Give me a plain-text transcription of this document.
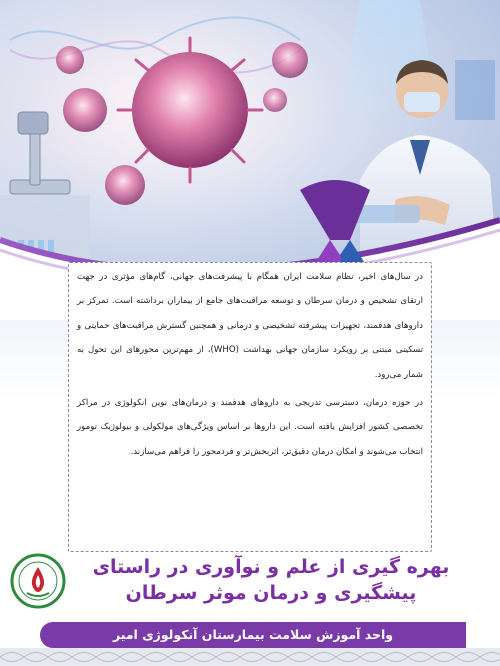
در سال‌های اخیر، نظام سلامت ایران همگام با پیشرفت‌های جهانی، گام‌های مؤثری در جهت ارتقای تشخیص و درمان سرطان و توسعه مراقبت‌های جامع از بیماران برداشته است. تمرکز بر داروهای هدفمند، تجهیزات پیشرفته تشخیصی و درمانی و همچنین گسترش مراقبت‌های حمایتی و تسکینی مبتنی بر رویکرد سازمان جهانی بهداشت (WHO)، از مهم‌ترین محورهای این تحول به شمار می‌رود.

در حوزه درمان، دسترسی تدریجی به داروهای هدفمند و درمان‌های نوین انکولوژی در مراکز تخصصی کشور افزایش یافته است. این داروها بر اساس ویژگی‌های مولکولی و بیولوژیک تومور انتخاب می‌شوند و امکان درمان دقیق‌تر، اثربخش‌تر و فردمحور را فراهم می‌سازند.

بهره گیری از علم و نوآوری در راستای
پیشگیری و درمان موثر سرطان
واحد آموزش سلامت بیمارستان آنکولوژی امیر
